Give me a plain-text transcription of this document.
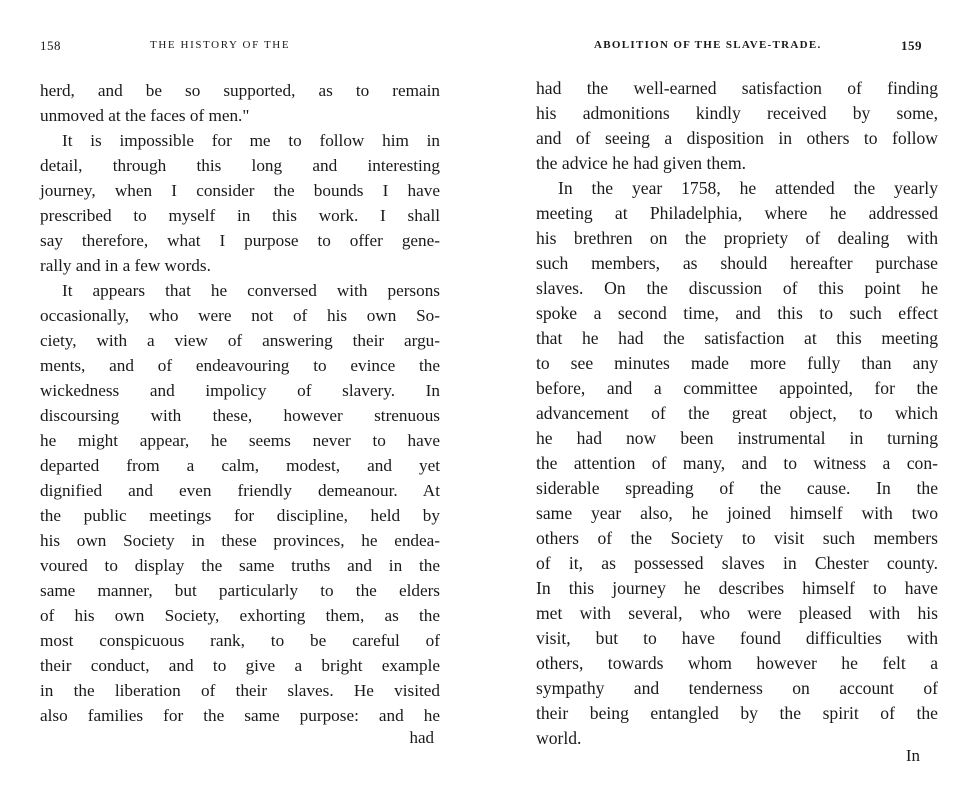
158	THE HISTORY OF THE
herd, and be so supported, as to remain
unmoved at the faces of men."
It is impossible for me to follow him in
detail, through this long and interesting
journey, when I consider the bounds I have
prescribed to myself in this work. I shall
say therefore, what I purpose to offer gene-
rally and in a few words.
It appears that he conversed with persons
occasionally, who were not of his own So-
ciety, with a view of answering their argu-
ments, and of endeavouring to evince the
wickedness and impolicy of slavery. In
discoursing with these, however strenuous
he might appear, he seems never to have
departed from a calm, modest, and yet
dignified and even friendly demeanour. At
the public meetings for discipline, held by
his own Society in these provinces, he endea-
voured to display the same truths and in the
same manner, but particularly to the elders
of his own Society, exhorting them, as the
most conspicuous rank, to be careful of
their conduct, and to give a bright example
in the liberation of their slaves. He visited
also families for the same purpose: and he
had
ABOLITION OF THE SLAVE-TRADE.	159
had the well-earned satisfaction of finding
his admonitions kindly received by some,
and of seeing a disposition in others to follow
the advice he had given them.
In the year 1758, he attended the yearly
meeting at Philadelphia, where he addressed
his brethren on the propriety of dealing with
such members, as should hereafter purchase
slaves. On the discussion of this point he
spoke a second time, and this to such effect
that he had the satisfaction at this meeting
to see minutes made more fully than any
before, and a committee appointed, for the
advancement of the great object, to which
he had now been instrumental in turning
the attention of many, and to witness a con-
siderable spreading of the cause. In the
same year also, he joined himself with two
others of the Society to visit such members
of it, as possessed slaves in Chester county.
In this journey he describes himself to have
met with several, who were pleased with his
visit, but to have found difficulties with
others, towards whom however he felt a
sympathy and tenderness on account of
their being entangled by the spirit of the
world.
In
